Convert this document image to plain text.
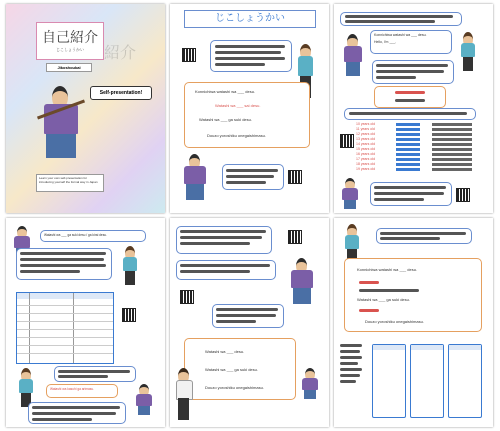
自己紹介
じこしょうかい
Jikoshoukai
紹介
Self-presentation!
Learn your own self-presentation for introducing yourself the formal way in Japan
じこしょうかい
Konnichiwa watashi wa ___ desu.
Watashi wa ___ sai desu.
Watashi wa ___ ga suki desu.
Douzo yoroshiku onegaishimasu.
Konnichiwa watashi wa ___ desu.
Hello, I'm ___.
10 years old
11 years old
12 years old
13 years old
14 years old
15 years old
16 years old
17 years old
18 years old
19 years old
Watashi wa ___ ga suki desu / ga kirai desu.
Watashi wa kasuhi ga arimasu.
Watashi wa ___ desu.
Watashi wa ___ ga suki desu.
Douzo yoroshiku onegaishimasu.
Konnichiwa watashi wa ___ desu.
Watashi wa ___ ga suki desu.
Douzo yoroshiku onegaishimasu.
